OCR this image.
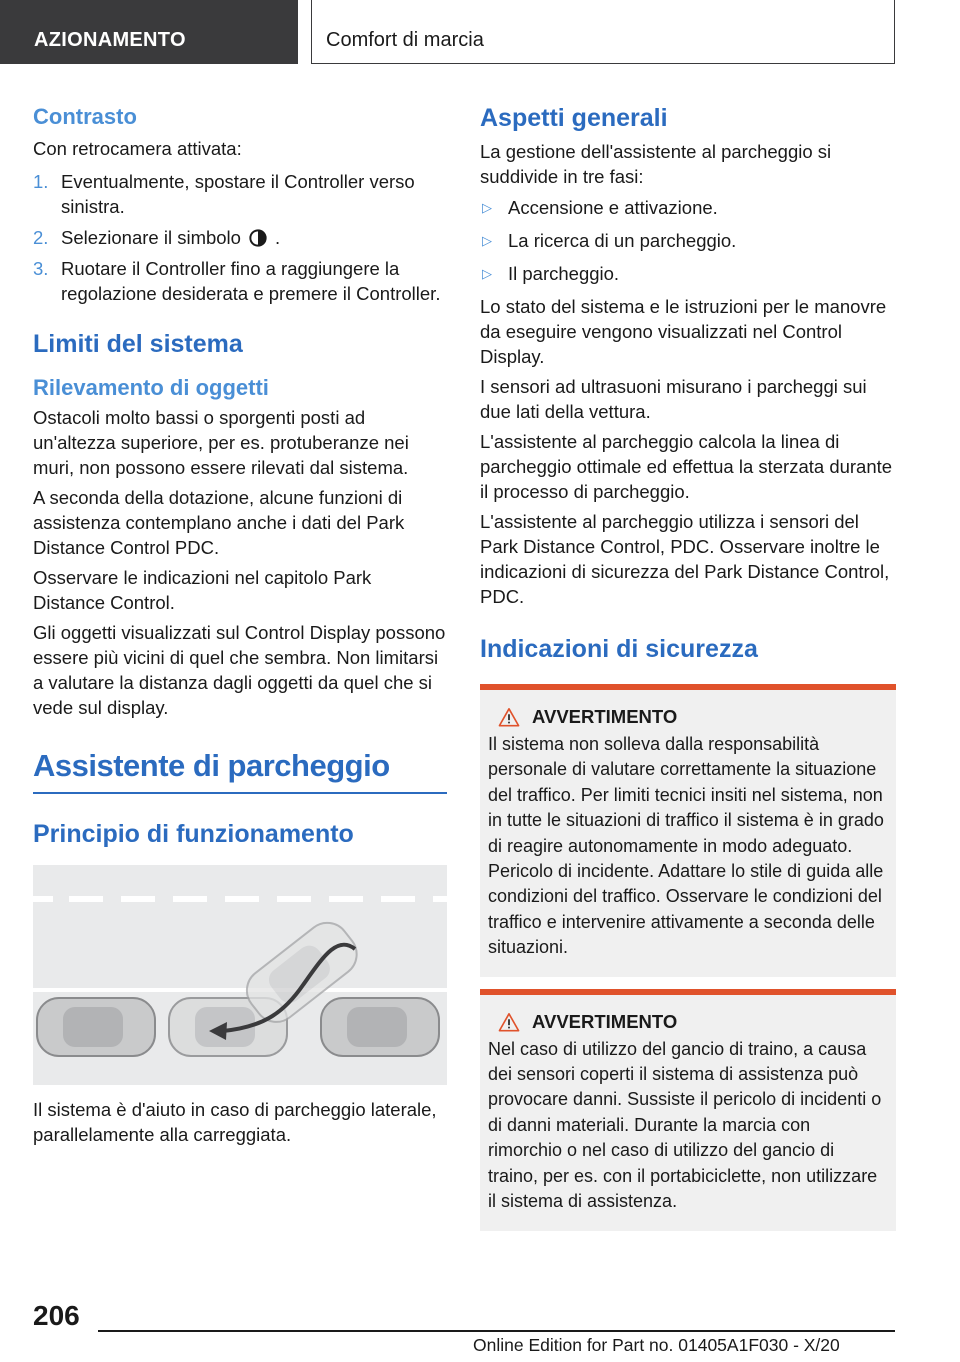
AZIONAMENTO	Comfort di marcia
Contrasto

Con retrocamera attivata:

1. Eventualmente, spostare il Controller verso sinistra.
2. Selezionare il simbolo .
3. Ruotare il Controller fino a raggiungere la regolazione desiderata e premere il Controller.
Limiti del sistema
Rilevamento di oggetti

Ostacoli molto bassi o sporgenti posti ad un'altezza superiore, per es. protuberanze nei muri, non possono essere rilevati dal sistema.

A seconda della dotazione, alcune funzioni di assistenza contemplano anche i dati del Park Distance Control PDC.

Osservare le indicazioni nel capitolo Park Distance Control.

Gli oggetti visualizzati sul Control Display possono essere più vicini di quel che sembra. Non limitarsi a valutare la distanza dagli oggetti da quel che si vede sul display.

Assistente di parcheggio
Principio di funzionamento

Il sistema è d'aiuto in caso di parcheggio laterale, parallelamente alla carreggiata.

Aspetti generali

La gestione dell'assistente al parcheggio si suddivide in tre fasi:

▷ Accensione e attivazione.
▷ La ricerca di un parcheggio.
▷ Il parcheggio.

Lo stato del sistema e le istruzioni per le manovre da eseguire vengono visualizzati nel Control Display.

I sensori ad ultrasuoni misurano i parcheggi sui due lati della vettura.

L'assistente al parcheggio calcola la linea di parcheggio ottimale ed effettua la sterzata durante il processo di parcheggio.

L'assistente al parcheggio utilizza i sensori del Park Distance Control, PDC. Osservare inoltre le indicazioni di sicurezza del Park Distance Control, PDC.

Indicazioni di sicurezza
AVVERTIMENTO

Il sistema non solleva dalla responsabilità personale di valutare correttamente la situazione del traffico. Per limiti tecnici insiti nel sistema, non in tutte le situazioni di traffico il sistema è in grado di reagire autonomamente in modo adeguato. Pericolo di incidente. Adattare lo stile di guida alle condizioni del traffico. Osservare le condizioni del traffico e intervenire attivamente a seconda delle situazioni.

AVVERTIMENTO

Nel caso di utilizzo del gancio di traino, a causa dei sensori coperti il sistema di assistenza può provocare danni. Sussiste il pericolo di incidenti o di danni materiali. Durante la marcia con rimorchio o nel caso di utilizzo del gancio di traino, per es. con il portabiciclette, non utilizzare il sistema di assistenza.

206
Online Edition for Part no. 01405A1F030 - X/20
